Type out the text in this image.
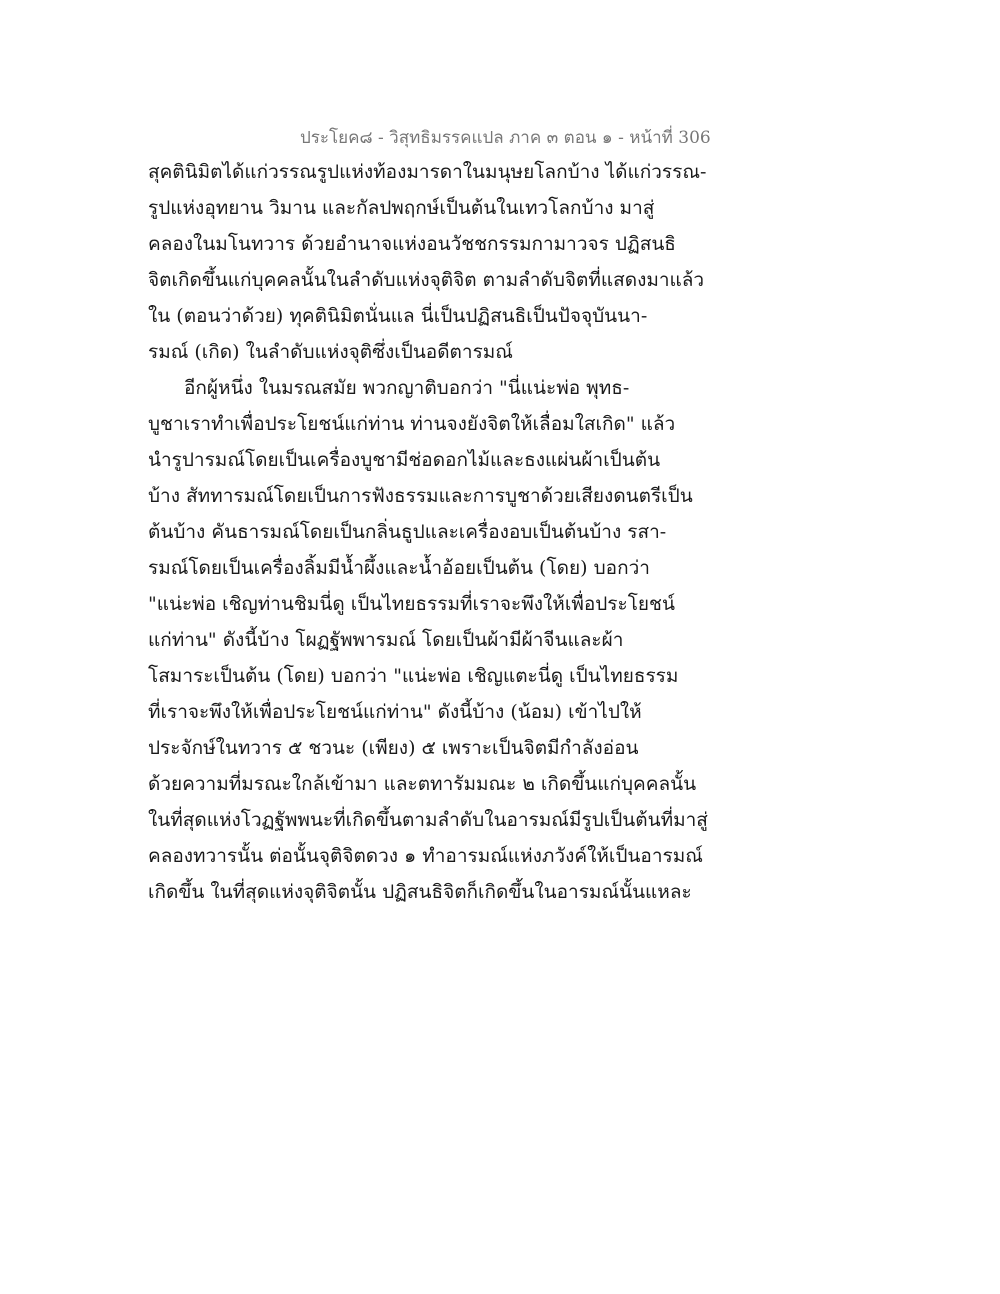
ประโยค๘ - วิสุทธิมรรคแปล ภาค ๓ ตอน ๑ - หน้าที่ 306
สุคตินิมิตได้แก่วรรณรูปแห่งท้องมารดาในมนุษยโลกบ้าง ได้แก่วรรณ-
รูปแห่งอุทยาน วิมาน และกัลปพฤกษ์เป็นต้นในเทวโลกบ้าง มาสู่
คลองในมโนทวาร ด้วยอำนาจแห่งอนวัชชกรรมกามาวจร ปฏิสนธิ
จิตเกิดขึ้นแก่บุคคลนั้นในลำดับแห่งจุติจิต ตามลำดับจิตที่แสดงมาแล้ว
ใน (ตอนว่าด้วย) ทุคตินิมิตนั่นแล นี่เป็นปฏิสนธิเป็นปัจจุบันนา-
รมณ์ (เกิด) ในลำดับแห่งจุติซึ่งเป็นอดีตารมณ์
อีกผู้หนึ่ง ในมรณสมัย พวกญาติบอกว่า "นี่แน่ะพ่อ พุทธ-
บูชาเราทำเพื่อประโยชน์แก่ท่าน ท่านจงยังจิตให้เลื่อมใสเกิด" แล้ว
นำรูปารมณ์โดยเป็นเครื่องบูชามีช่อดอกไม้และธงแผ่นผ้าเป็นต้น
บ้าง สัททารมณ์โดยเป็นการฟังธรรมและการบูชาด้วยเสียงดนตรีเป็น
ต้นบ้าง คันธารมณ์โดยเป็นกลิ่นธูปและเครื่องอบเป็นต้นบ้าง รสา-
รมณ์โดยเป็นเครื่องลิ้มมีน้ำผึ้งและน้ำอ้อยเป็นต้น (โดย) บอกว่า
"แน่ะพ่อ เชิญท่านชิมนี่ดู เป็นไทยธรรมที่เราจะพึงให้เพื่อประโยชน์
แก่ท่าน" ดังนี้บ้าง โผฏฐัพพารมณ์ โดยเป็นผ้ามีผ้าจีนและผ้า
โสมาระเป็นต้น (โดย) บอกว่า "แน่ะพ่อ เชิญแตะนี่ดู เป็นไทยธรรม
ที่เราจะพึงให้เพื่อประโยชน์แก่ท่าน" ดังนี้บ้าง (น้อม) เข้าไปให้
ประจักษ์ในทวาร ๕ ชวนะ (เพียง) ๕ เพราะเป็นจิตมีกำลังอ่อน
ด้วยความที่มรณะใกล้เข้ามา และตทารัมมณะ ๒ เกิดขึ้นแก่บุคคลนั้น
ในที่สุดแห่งโวฏฐัพพนะที่เกิดขึ้นตามลำดับในอารมณ์มีรูปเป็นต้นที่มาสู่
คลองทวารนั้น ต่อนั้นจุติจิตดวง ๑ ทำอารมณ์แห่งภวังค์ให้เป็นอารมณ์
เกิดขึ้น ในที่สุดแห่งจุติจิตนั้น ปฏิสนธิจิตก็เกิดขึ้นในอารมณ์นั้นแหละ
